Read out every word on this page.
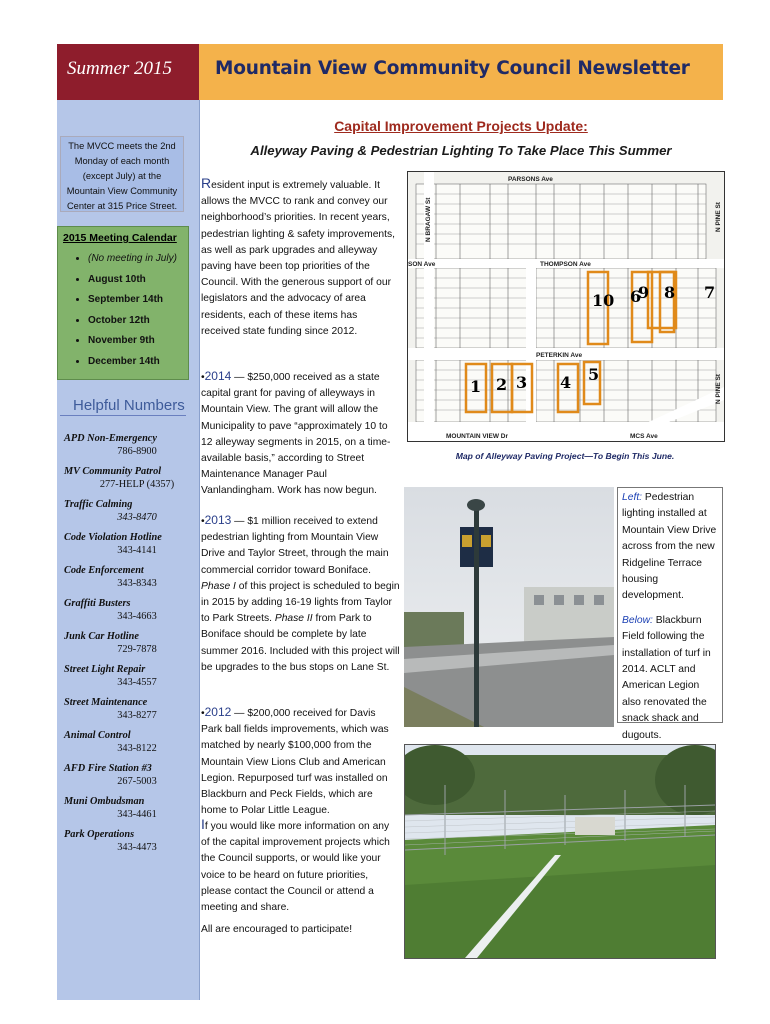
Summer 2015 Mountain View Community Council Newsletter
The MVCC meets the 2nd Monday of each month (except July) at the Mountain View Community Center at 315 Price Street.
2015 Meeting Calendar
• (No meeting in July)
• August 10th
• September 14th
• October 12th
• November 9th
• December 14th
Helpful Numbers
APD Non-Emergency
786-8900
MV Community Patrol
277-HELP (4357)
Traffic Calming
343-8470
Code Violation Hotline
343-4141
Code Enforcement
343-8343
Graffiti Busters
343-4663
Junk Car Hotline
729-7878
Street Light Repair
343-4557
Street Maintenance
343-8277
Animal Control
343-8122
AFD Fire Station #3
267-5003
Muni Ombudsman
343-4461
Park Operations
343-4473
Capital Improvement Projects Update:
Alleyway Paving & Pedestrian Lighting To Take Place This Summer
Resident input is extremely valuable. It allows the MVCC to rank and convey our neighborhood’s priorities. In recent years, pedestrian lighting & safety improvements, as well as park upgrades and alleyway paving have been top priorities of the Council. With the generous support of our legislators and the advocacy of area residents, each of these items has received state funding since 2012.
•2014 — $250,000 received as a state capital grant for paving of alleyways in Mountain View. The grant will allow the Municipality to pave “approximately 10 to 12 alleyway segments in 2015, on a time-available basis,” according to Street Maintenance Manager Paul Vanlandingham. Work has now begun.
•2013 — $1 million received to extend pedestrian lighting from Mountain View Drive and Taylor Street, through the main commercial corridor toward Boniface. Phase I of this project is scheduled to begin in 2015 by adding 16-19 lights from Taylor to Park Streets. Phase II from Park to Boniface should be complete by late summer 2016. Included with this project will be upgrades to the bus stops on Lane St.
•2012 — $200,000 received for Davis Park ball fields improvements, which was matched by nearly $100,000 from the Mountain View Lions Club and American Legion. Repurposed turf was installed on Blackburn and Peck Fields, which are home to Polar Little League.
If you would like more information on any of the capital improvement projects which the Council supports, or would like your voice to be heard on future priorities, please contact the Council or attend a meeting and share.
All are encouraged to participate!
PARSONS Ave
THOMPSON Ave
PETERKIN Ave
SON Ave
MOUNTAIN VIEW Dr	MCS Ave
N BRAGAW St	N PINE St
N PINE St
1 2 3 4 5
6	7
8
9
10
Map of Alleyway Paving Project—To Begin This June.
Left: Pedestrian lighting installed at Mountain View Drive across from the new Ridgeline Terrace housing development.
Below: Blackburn Field following the installation of turf in 2014. ACLT and American Legion also renovated the snack shack and dugouts.
